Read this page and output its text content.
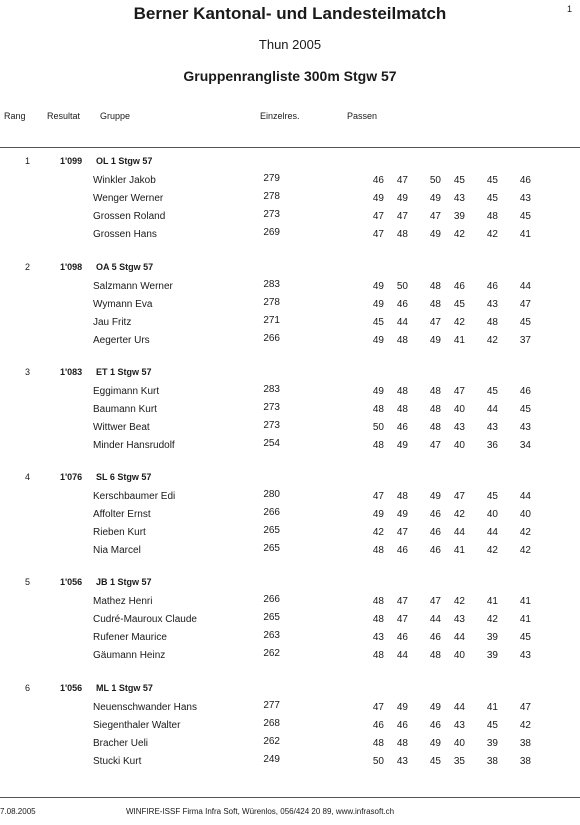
1
Berner Kantonal- und Landesteilmatch
Thun 2005
Gruppenrangliste 300m Stgw 57
Rang Resultat Gruppe	Einzelres.	Passen
1	1'099 OL 1 Stgw 57
Winkler Jakob	279	46	47	50	45	45	46
Wenger Werner	278	49	49	49	43	45	43
Grossen Roland	273	47	47	47	39	48	45
Grossen Hans	269	47	48	49	42	42	41
2	1'098 OA 5 Stgw 57
Salzmann Werner	283	49	50	48	46	46	44
Wymann Eva	278	49	46	48	45	43	47
Jau Fritz	271	45	44	47	42	48	45
Aegerter Urs	266	49	48	49	41	42	37
3	1'083 ET 1 Stgw 57
Eggimann Kurt	283	49	48	48	47	45	46
Baumann Kurt	273	48	48	48	40	44	45
Wittwer Beat	273	50	46	48	43	43	43
Minder Hansrudolf	254	48	49	47	40	36	34
4	1'076 SL 6 Stgw 57
Kerschbaumer Edi	280	47	48	49	47	45	44
Affolter Ernst	266	49	49	46	42	40	40
Rieben Kurt	265	42	47	46	44	44	42
Nia Marcel	265	48	46	46	41	42	42
5	1'056 JB 1 Stgw 57
Mathez Henri	266	48	47	47	42	41	41
Cudré-Mauroux Claude	265	48	47	44	43	42	41
Rufener Maurice	263	43	46	46	44	39	45
Gäumann Heinz	262	48	44	48	40	39	43
6	1'056 ML 1 Stgw 57
Neuenschwander Hans	277	47	49	49	44	41	47
Siegenthaler Walter	268	46	46	46	43	45	42
Bracher Ueli	262	48	48	49	40	39	38
Stucki Kurt	249	50	43	45	35	38	38
7.08.2005	WINFIRE-ISSF Firma Infra Soft, Würenlos, 056/424 20 89, www.infrasoft.ch
